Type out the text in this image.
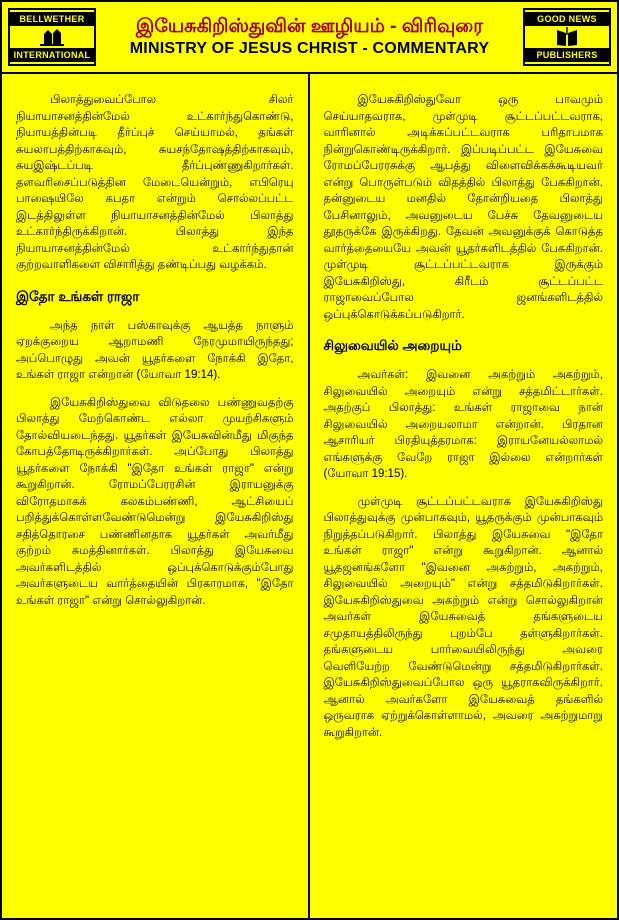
BELLWETHER
INTERNATIONAL
இயேசுகிறிஸ்துவின் ஊழியம் - விரிவுரை
MINISTRY OF JESUS CHRIST - COMMENTARY
GOOD NEWS
PUBLISHERS

பிலாத்துவைப்போல சிலர் நியாயாசனத்தின்மேல் உட்கார்ந்துகொண்டு, நியாயத்தின்படி தீர்ப்புச் செய்யாமல், தங்கள் சுயலாபத்திற்காகவும், சுயசந்தோஷத்திற்காகவும், சுயஇஷ்டப்படி தீர்ப்புண்ணுகிறார்கள். தளவரிசைப்படுத்தின மேடையென்றும், எபிரெயு பாஷையிலே கபதா என்றும் சொல்லப்பட்ட இடத்திலுள்ள நியாயாசனத்தின்மேல் பிலாத்து உட்கார்ந்திருக்கிறான். பிலாத்து இந்த நியாயாசனத்தின்மேல் உட்கார்ந்துதான் குற்றவாளிகளை விசாரித்து தண்டிப்பது வழக்கம்.

இதோ உங்கள் ராஜா

அந்த நாள் பஸ்காவுக்கு ஆயத்த நாளும் ஏறக்குறைய ஆறாமணி நேரமுமாயிருந்தது; அப்பொழுது அவன் யூதர்களை நோக்கி இதோ, உங்கள் ராஜா என்றான் (யோவா 19:14).

இயேசுகிறிஸ்துவை விடுதலை பண்ணுவதற்கு பிலாத்து மேற்கொண்ட எல்லா முயற்சிகளும் தோல்வியடைந்தது. யூதர்கள் இயேசுவின்மீது மிகுந்த கோபத்தோடிருக்கிறார்கள். அப்போது பிலாத்து யூதர்களை நோக்கி "இதோ உங்கள் ராஜா" என்று கூறுகிறான். ரோமப்பேரரசின் இராயனுக்கு விரோதமாகக் கலகம்பண்ணி, ஆட்சியைப் பறித்துக்கொள்ளவேண்டுமென்று இயேசுகிறிஸ்து சதித்தொரசை பண்ணினதாக யூதர்கள் அவர்மீது குற்றம் சுமத்தினார்கள். பிலாத்து இயேசுவை அவர்களிடத்தில் ஒப்புக்கொடுக்கும்போது அவர்களுடைய வார்த்தையின் பிரகாரமாக, "இதோ உங்கள் ராஜா" என்று சொல்லுகிறான்.

இயேசுகிறிஸ்துவோ ஒரு பாவமும் செய்யாதவராக, முள்முடி சூட்டப்பட்டவராக, வாரினால் அடிக்கப்பட்டவராக பரிதாபமாக நின்றுகொண்டிருக்கிறார். இப்படிப்பட்ட இயேசுவை ரோமப்பேரரசுக்கு ஆபத்து விளைவிக்கக்கூடியவர் என்று பொருள்படும் விதத்தில் பிலாத்து பேசுகிறான். தன்னுடைய மனதில் தோன்றியதை பிலாத்து பேசினாலும், அவனுடைய பேச்சு தேவனுடைய தூதருக்கே இருக்கிறது. தேவன் அவனுக்குக் கொடுத்த வார்த்தையையே அவன் யூதர்களிடத்தில் பேசுகிறான். முள்முடி சூட்டப்பட்டவராக இருக்கும் இயேசுகிறிஸ்து, கிரீடம் சூட்டப்பட்ட ராஜாவைப்போல ஜனங்களிடத்தில் ஒப்புக்கொடுக்கப்படுகிறார்.

சிலுவையில் அறையும்

அவர்கள்: இவனை அகற்றும் அகற்றும், சிலுவையில் அறையும் என்று சத்தமிட்டார்கள். அதற்குப் பிலாத்து: உங்கள் ராஜாவை நான் சிலுவையில் அறையலாமா என்றான். பிரதான ஆசாரியர் பிரதியுத்தரமாக: இராயனேயல்லாமல் எங்களுக்கு வேறே ராஜா இல்லை என்றார்கள் (யோவா 19:15).

முள்முடி சூட்டப்பட்டவராக இயேசுகிறிஸ்து பிலாத்துவுக்கு முன்பாகவும், யூதருக்கும் முன்பாகவும் நிறுத்தப்படுகிறார். பிலாத்து இயேசுவை "இதோ உங்கள் ராஜா" என்று கூறுகிறான். ஆனால் யூதஜனங்களோ "இவனை அகற்றும், அகற்றும், சிலுவையில் அறையும்" என்று சத்தமிடுகிறார்கள். இயேசுகிறிஸ்துவை அகற்றும் என்று சொல்லுகிறான் அவர்கள் இயேசுவைத் தங்களுடைய சமுதாயத்திலிருந்து புறம்பே தள்ளுகிறார்கள். தங்களுடைய பார்வையிலிருந்து அவரை வெளியேற்ற வேண்டுமென்று சத்தமிடுகிறார்கள். இயேசுகிறிஸ்துவைப்போல ஒரு யூதராகவிருக்கிறார். ஆனால் அவர்களோ இயேசுவைத் தங்களில் ஒருவராக ஏற்றுக்கொள்ளாமல், அவரை அகற்றுமாறு கூறுகிறான்.
